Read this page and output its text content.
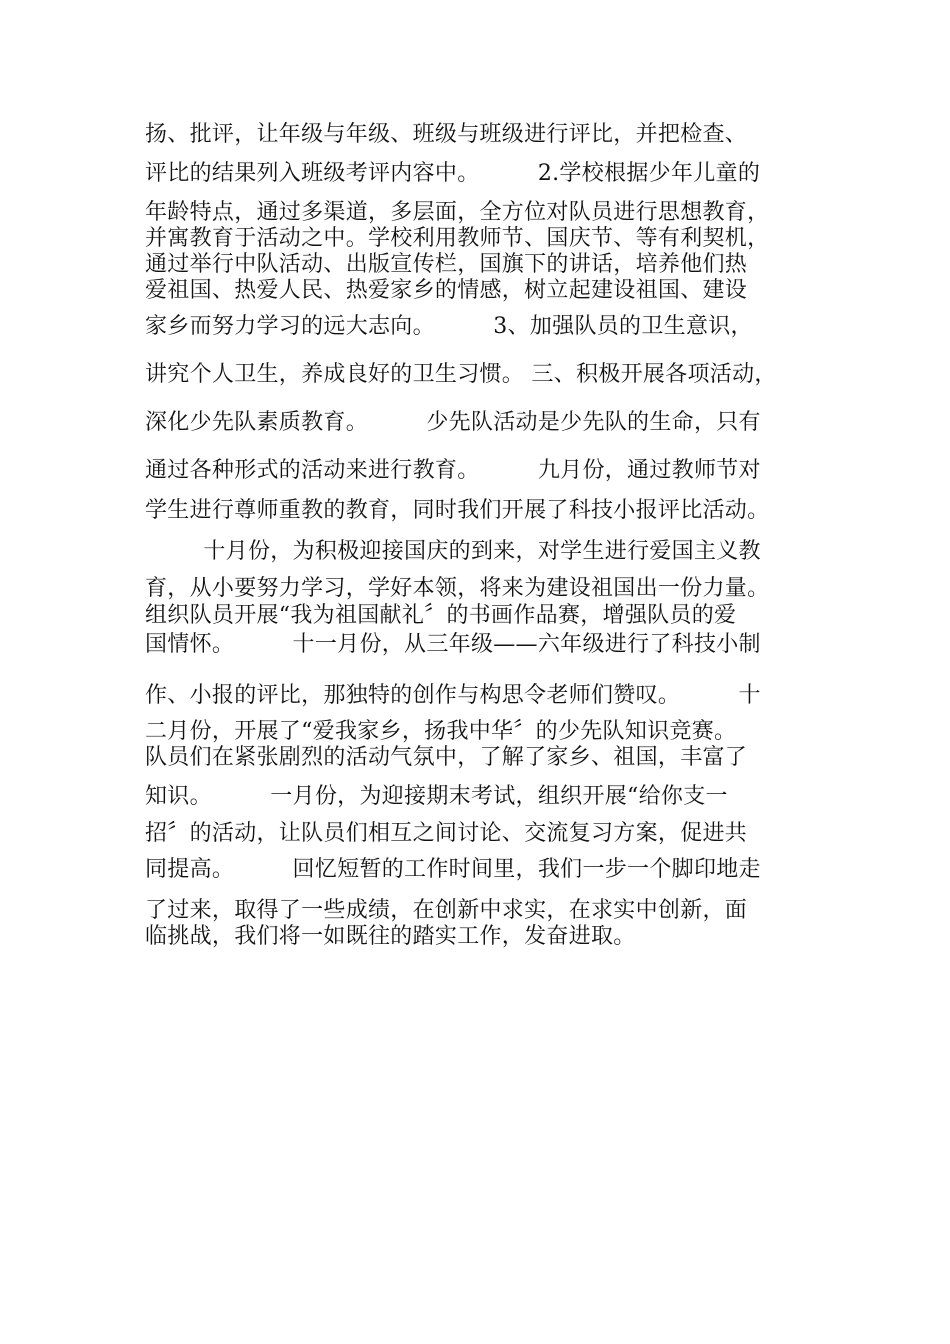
扬、批评，让年级与年级、班级与班级进行评比，并把检查、
评比的结果列入班级考评内容中。        2.学校根据少年儿童的
年龄特点，通过多渠道，多层面，全方位对队员进行思想教育，
并寓教育于活动之中。学校利用教师节、国庆节、等有利契机，
通过举行中队活动、出版宣传栏，国旗下的讲话，培养他们热
爱祖国、热爱人民、热爱家乡的情感，树立起建设祖国、建设
家乡而努力学习的远大志向。        3、加强队员的卫生意识，
讲究个人卫生，养成良好的卫生习惯。 三、积极开展各项活动，
深化少先队素质教育。        少先队活动是少先队的生命，只有
通过各种形式的活动来进行教育。        九月份，通过教师节对
学生进行尊师重教的教育，同时我们开展了科技小报评比活动。
十月份，为积极迎接国庆的到来，对学生进行爱国主义教
育，从小要努力学习，学好本领，将来为建设祖国出一份力量。
组织队员开展“我为祖国献礼〞的书画作品赛，增强队员的爱
国情怀。        十一月份，从三年级——六年级进行了科技小制
作、小报的评比，那独特的创作与构思令老师们赞叹。        十
二月份，开展了“爱我家乡，扬我中华〞的少先队知识竞赛。
队员们在紧张剧烈的活动气氛中，了解了家乡、祖国，丰富了
知识。        一月份，为迎接期末考试，组织开展“给你支一
招〞的活动，让队员们相互之间讨论、交流复习方案，促进共
同提高。        回忆短暂的工作时间里，我们一步一个脚印地走
了过来，取得了一些成绩，在创新中求实，在求实中创新，面
临挑战，我们将一如既往的踏实工作，发奋进取。
